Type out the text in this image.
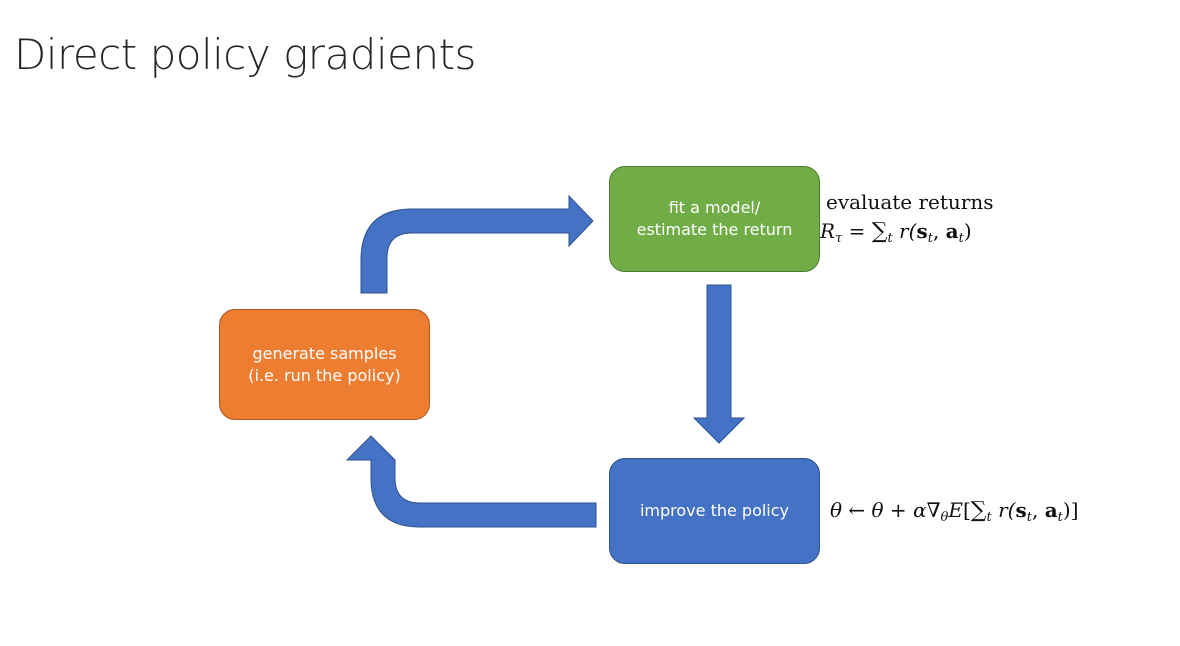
Direct policy gradients
generate samples
(i.e. run the policy)
fit a model/
estimate the return
improve the policy
evaluate returns
$R_\tau = \sum_t$ $r(s_t$, $a_t$)
θ ← $\theta + \alpha\nabla_\theta E[\sum_t$ $r(s_t$, $a_t$)]
